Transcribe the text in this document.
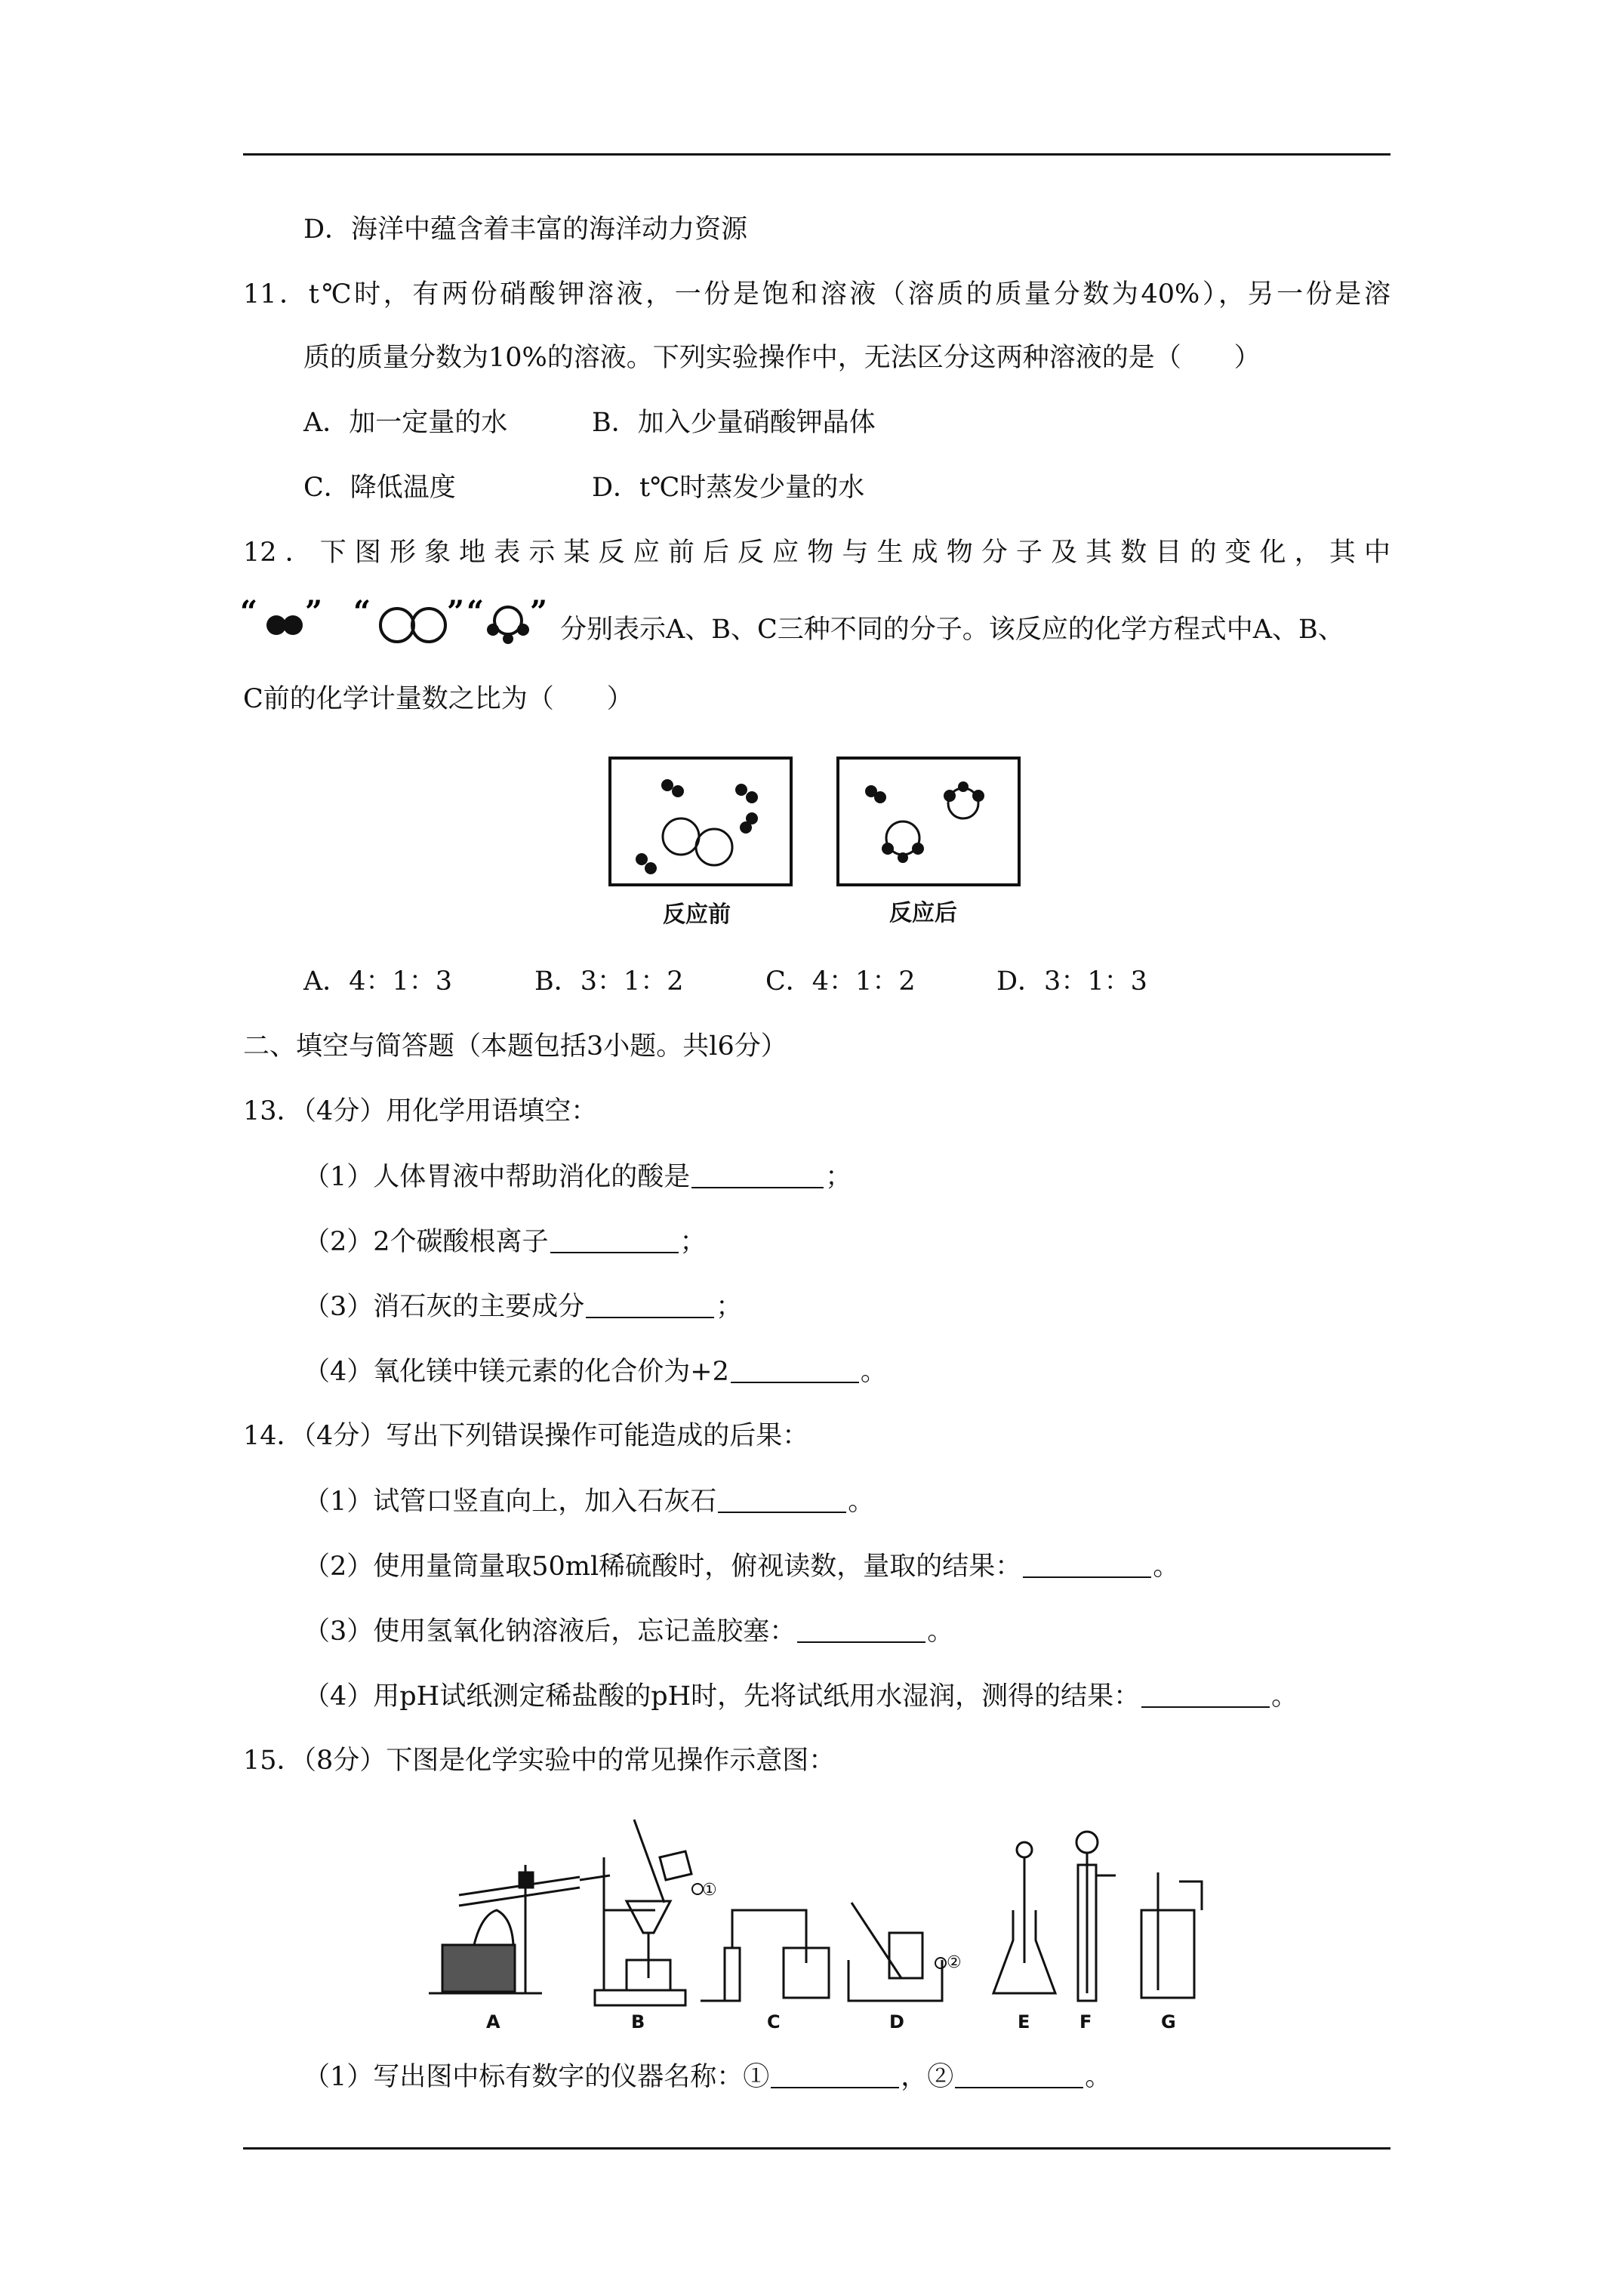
D．海洋中蕴含着丰富的海洋动力资源
11．t℃时，有两份硝酸钾溶液，一份是饱和溶液（溶质的质量分数为40%），另一份是溶
质的质量分数为10%的溶液。下列实验操作中，无法区分这两种溶液的是（　　）
A．加一定量的水	B．加入少量硝酸钾晶体
C．降低温度	D．t℃时蒸发少量的水
12．下图形象地表示某反应前后反应物与生成物分子及其数目的变化，其中
“ ” “	” “ ” 分别表示A、B、C三种不同的分子。该反应的化学方程式中A、B、
C前的化学计量数之比为（　　）
反应前	反应后
A．4：1：3	B．3：1：2	C．4：1：2	D．3：1：3
二、填空与简答题（本题包括3小题。共l6分）
13．（4分）用化学用语填空：
（1）人体胃液中帮助消化的酸是	；
（2）2个碳酸根离子	；
（3）消石灰的主要成分	；
（4）氧化镁中镁元素的化合价为+2	。
14．（4分）写出下列错误操作可能造成的后果：
（1）试管口竖直向上，加入石灰石	。
（2）使用量筒量取50ml稀硫酸时，俯视读数，量取的结果：	。
（3）使用氢氧化钠溶液后，忘记盖胶塞：	。
（4）用pH试纸测定稀盐酸的pH时，先将试纸用水湿润，测得的结果：	。
15．（8分）下图是化学实验中的常见操作示意图：
①
②
A	B	C	D	E	F	G
（1）写出图中标有数字的仪器名称：①	，②	。
